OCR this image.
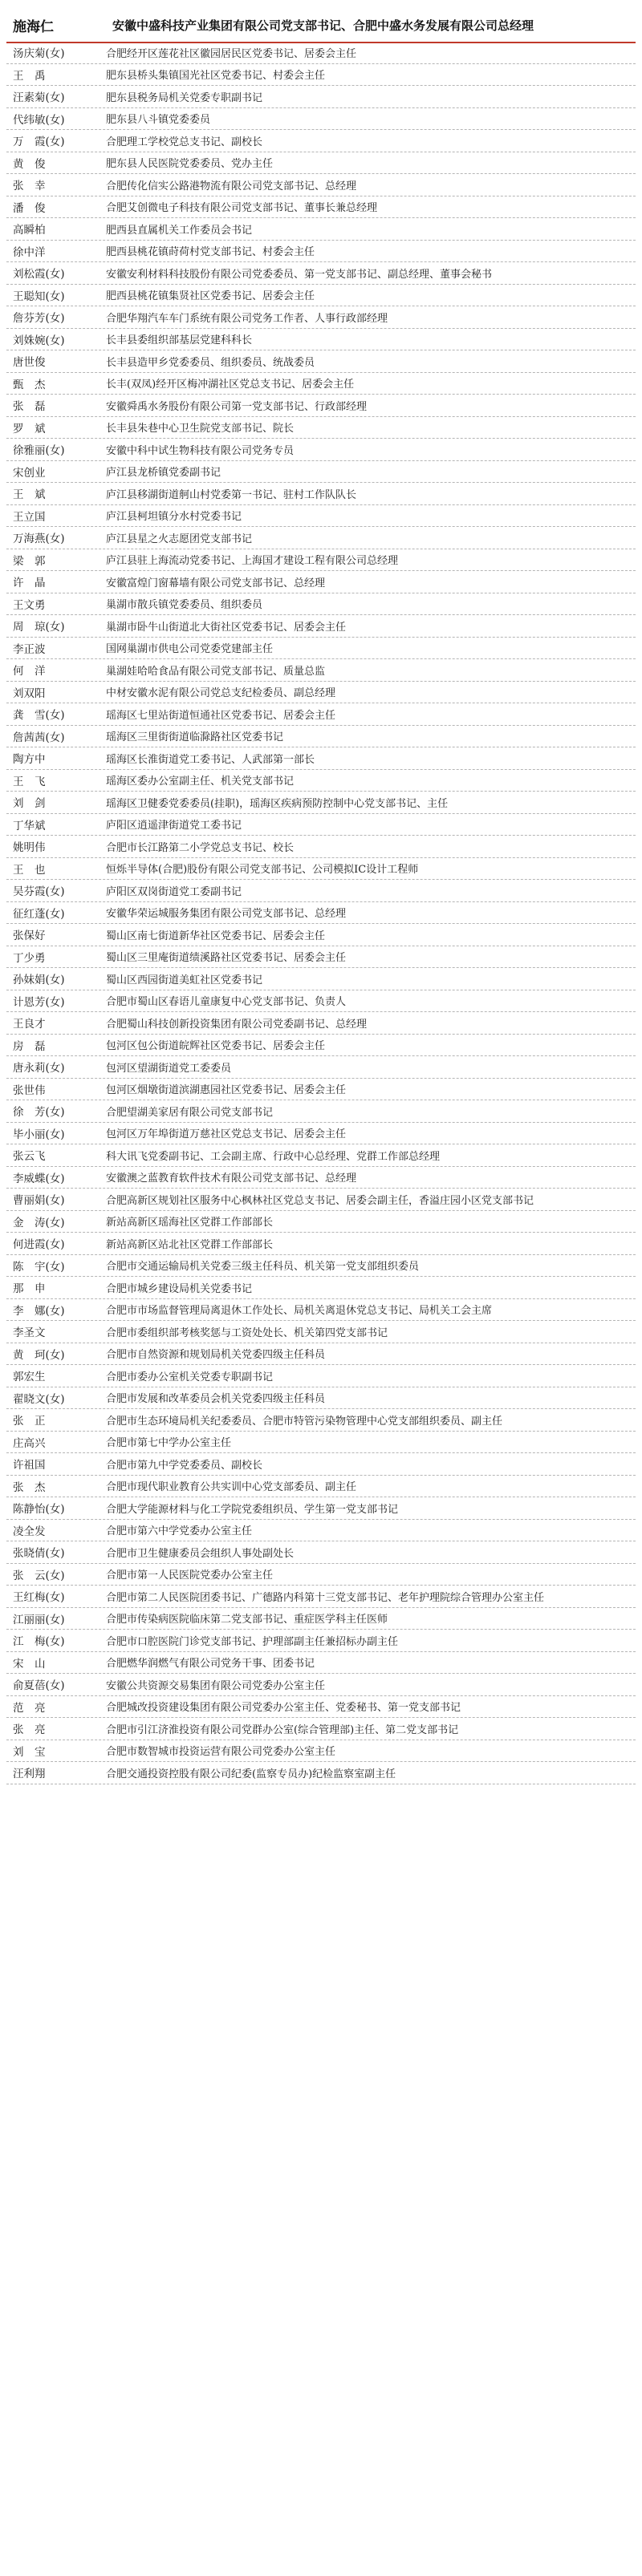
施海仁	安徽中盛科技产业集团有限公司党支部书记、合肥中盛水务发展有限公司总经理
汤庆菊(女)	合肥经开区莲花社区徽园居民区党委书记、居委会主任
王　禹	肥东县桥头集镇国光社区党委书记、村委会主任
汪素菊(女)	肥东县税务局机关党委专职副书记
代纬敏(女)	肥东县八斗镇党委委员
万　霞(女)	合肥理工学校党总支书记、副校长
黄　俊	肥东县人民医院党委委员、党办主任
张　幸	合肥传化信实公路港物流有限公司党支部书记、总经理
潘　俊	合肥艾创微电子科技有限公司党支部书记、董事长兼总经理
高瞬柏	肥西县直属机关工作委员会书记
徐中洋	肥西县桃花镇莳荷村党支部书记、村委会主任
刘松霞(女)	安徽安利材料科技股份有限公司党委委员、第一党支部书记、副总经理、董事会秘书
王聪知(女)	肥西县桃花镇集贤社区党委书记、居委会主任
詹芬芳(女)	合肥华翔汽车车门系统有限公司党务工作者、人事行政部经理
刘姝婉(女)	长丰县委组织部基层党建科科长
唐世俊	长丰县造甲乡党委委员、组织委员、统战委员
甄　杰	长丰(双凤)经开区梅冲湖社区党总支书记、居委会主任
张　磊	安徽舜禹水务股份有限公司第一党支部书记、行政部经理
罗　斌	长丰县朱巷中心卫生院党支部书记、院长
徐雅丽(女)	安徽中科中试生物科技有限公司党务专员
宋创业	庐江县龙桥镇党委副书记
王　斌	庐江县移湖街道舸山村党委第一书记、驻村工作队队长
王立国	庐江县柯坦镇分水村党委书记
万海燕(女)	庐江县星之火志愿团党支部书记
梁　郭	庐江县驻上海流动党委书记、上海国才建设工程有限公司总经理
许　晶	安徽富煌门窗幕墙有限公司党支部书记、总经理
王文勇	巢湖市散兵镇党委委员、组织委员
周　琼(女)	巢湖市卧牛山街道北大街社区党委书记、居委会主任
李正波	国网巢湖市供电公司党委党建部主任
何　洋	巢湖娃哈哈食品有限公司党支部书记、质量总监
刘双阳	中材安徽水泥有限公司党总支纪检委员、副总经理
龚　雪(女)	瑶海区七里站街道恒通社区党委书记、居委会主任
詹茜茜(女)	瑶海区三里街街道临滁路社区党委书记
陶方中	瑶海区长淮街道党工委书记、人武部第一部长
王　飞	瑶海区委办公室副主任、机关党支部书记
刘　剑	瑶海区卫健委党委委员(挂职)，瑶海区疾病预防控制中心党支部书记、主任
丁华斌	庐阳区逍遥津街道党工委书记
姚明伟	合肥市长江路第二小学党总支书记、校长
王　也	恒烁半导体(合肥)股份有限公司党支部书记、公司模拟IC设计工程师
吴芬霞(女)	庐阳区双岗街道党工委副书记
征红蓬(女)	安徽华荣运城服务集团有限公司党支部书记、总经理
张保好	蜀山区南七街道新华社区党委书记、居委会主任
丁少勇	蜀山区三里庵街道绩溪路社区党委书记、居委会主任
孙妹娟(女)	蜀山区西园街道美虹社区党委书记
计恩芳(女)	合肥市蜀山区春语儿童康复中心党支部书记、负责人
王良才	合肥蜀山科技创新投资集团有限公司党委副书记、总经理
房　磊	包河区包公街道皖辉社区党委书记、居委会主任
唐永莉(女)	包河区望湖街道党工委委员
张世伟	包河区烟墩街道滨湖惠园社区党委书记、居委会主任
徐　芳(女)	合肥望湖美家居有限公司党支部书记
毕小丽(女)	包河区万年埠街道万慈社区党总支书记、居委会主任
张云飞	科大讯飞党委副书记、工会副主席、行政中心总经理、党群工作部总经理
李威蝶(女)	安徽澳之蓝教育软件技术有限公司党支部书记、总经理
曹丽娟(女)	合肥高新区规划社区服务中心枫林社区党总支书记、居委会副主任，香溢庄园小区党支部书记
金　涛(女)	新站高新区瑶海社区党群工作部部长
何进霞(女)	新站高新区站北社区党群工作部部长
陈　宇(女)	合肥市交通运输局机关党委三级主任科员、机关第一党支部组织委员
那　申	合肥市城乡建设局机关党委书记
李　娜(女)	合肥市市场监督管理局离退休工作处长、局机关离退休党总支书记、局机关工会主席
李圣文	合肥市委组织部考核奖惩与工资处处长、机关第四党支部书记
黄　珂(女)	合肥市自然资源和规划局机关党委四级主任科员
郭宏生	合肥市委办公室机关党委专职副书记
翟晓文(女)	合肥市发展和改革委员会机关党委四级主任科员
张　正	合肥市生态环境局机关纪委委员、合肥市特管污染物管理中心党支部组织委员、副主任
庄高兴	合肥市第七中学办公室主任
许祖国	合肥市第九中学党委委员、副校长
张　杰	合肥市现代职业教育公共实训中心党支部委员、副主任
陈静怡(女)	合肥大学能源材料与化工学院党委组织员、学生第一党支部书记
凌全发	合肥市第六中学党委办公室主任
张晓倩(女)	合肥市卫生健康委员会组织人事处副处长
张　云(女)	合肥市第一人民医院党委办公室主任
王红梅(女)	合肥市第二人民医院团委书记、广德路内科第十三党支部书记、老年护理院综合管理办公室主任
江丽丽(女)	合肥市传染病医院临床第二党支部书记、重症医学科主任医师
江　梅(女)	合肥市口腔医院门诊党支部书记、护理部副主任兼招标办副主任
宋　山	合肥燃华润燃气有限公司党务干事、团委书记
俞夏蓓(女)	安徽公共资源交易集团有限公司党委办公室主任
范　亮	合肥城改投资建设集团有限公司党委办公室主任、党委秘书、第一党支部书记
张　亮	合肥市引江济淮投资有限公司党群办公室(综合管理部)主任、第二党支部书记
刘　宝	合肥市数智城市投资运营有限公司党委办公室主任
汪利翔	合肥交通投资控股有限公司纪委(监察专员办)纪检监察室副主任
